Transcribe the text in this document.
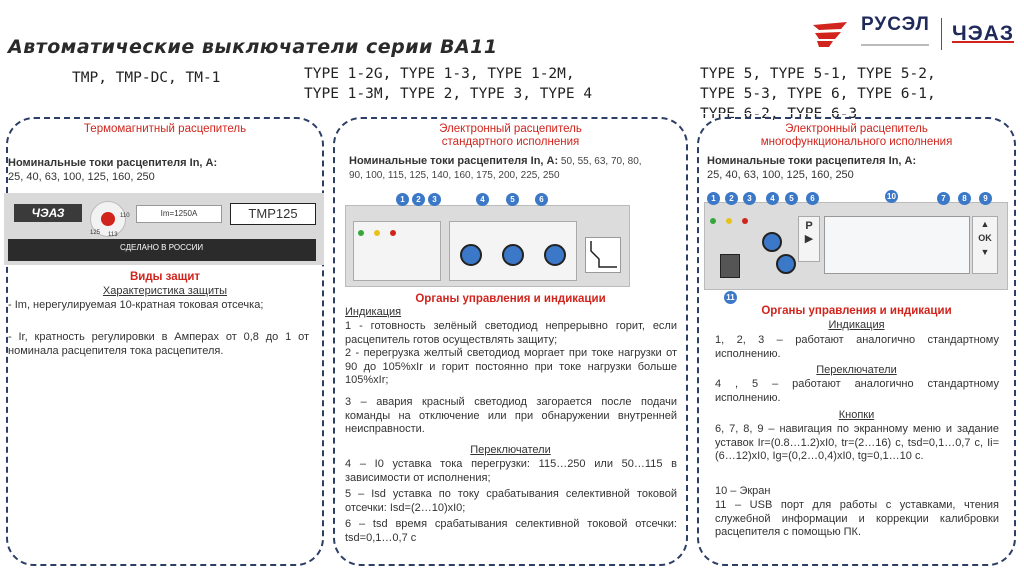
Автоматические выключатели серии ВА11
TMP, TMP-DC, TM-1	TYPE 1-2G, TYPE 1-3, TYPE 1-2M,
TYPE 1-3M, TYPE 2, TYPE 3, TYPE 4
TYPE 5, TYPE 5-1, TYPE 5-2,
TYPE 5-3, TYPE 6, TYPE 6-1,
TYPE 6-2, TYPE 6-3
РУСЭЛ ЧЭАЗ
Термомагнитный расцепитель
Номинальные токи расцепителя In, А:
25, 40, 63, 100, 125, 160, 250
ЧЭАЗ	110
125 113
Im=1250A	TMP125
СДЕЛАНО В РОССИИ
Виды защит
Характеристика защиты
- Im, нерегулируемая 10-кратная токовая отсечка;
- Ir, кратность регулировки в Амперах от 0,8 до 1 от номинала расцепителя тока расцепителя.
Электронный расцепитель
стандартного исполнения
Номинальные токи расцепителя In, А: 50, 55, 63, 70, 80, 90, 100, 115, 125, 140, 160, 175, 200, 225, 250
1	2	3	4	5	6
Органы управления и индикации
Индикация
1 - готовность зелёный светодиод непрерывно горит, если расцепитель готов осуществлять защиту;
2 - перегрузка желтый светодиод моргает при токе нагрузки от 90 до 105%xIr и горит постоянно при токе нагрузки больше 105%xIr;
3 – авария красный светодиод загорается после подачи команды на отключение или при обнаружении внутренней неисправности.
Переключатели
4 – I0 уставка тока перегрузки: 115…250 или 50…115 в зависимости от исполнения;
5 – Isd уставка по току срабатывания селективной токовой отсечки: Isd=(2…10)xI0;
6 – tsd время срабатывания селективной токовой отсечки: tsd=0,1…0,7 с
Электронный расцепитель
многофункционального исполнения
Номинальные токи расцепителя In, А:
25, 40, 63, 100, 125, 160, 250
P
▶
▲
OK
▼
1	2	3	4	5	6	10	7	8	9
11
Органы управления и индикации
Индикация
1, 2, 3 – работают аналогично стандартному исполнению.
Переключатели
4 , 5 – работают аналогично стандартному исполнению.
Кнопки
6, 7, 8, 9 – навигация по экранному меню и задание уставок Ir=(0.8…1.2)xI0, tr=(2…16) с, tsd=0,1…0,7 с, Ii=(6…12)xI0, Ig=(0,2…0,4)xI0, tg=0,1…10 с.
10 – Экран
11 – USB порт для работы с уставками, чтения служебной информации и коррекции калибровки расцепителя с помощью ПК.
